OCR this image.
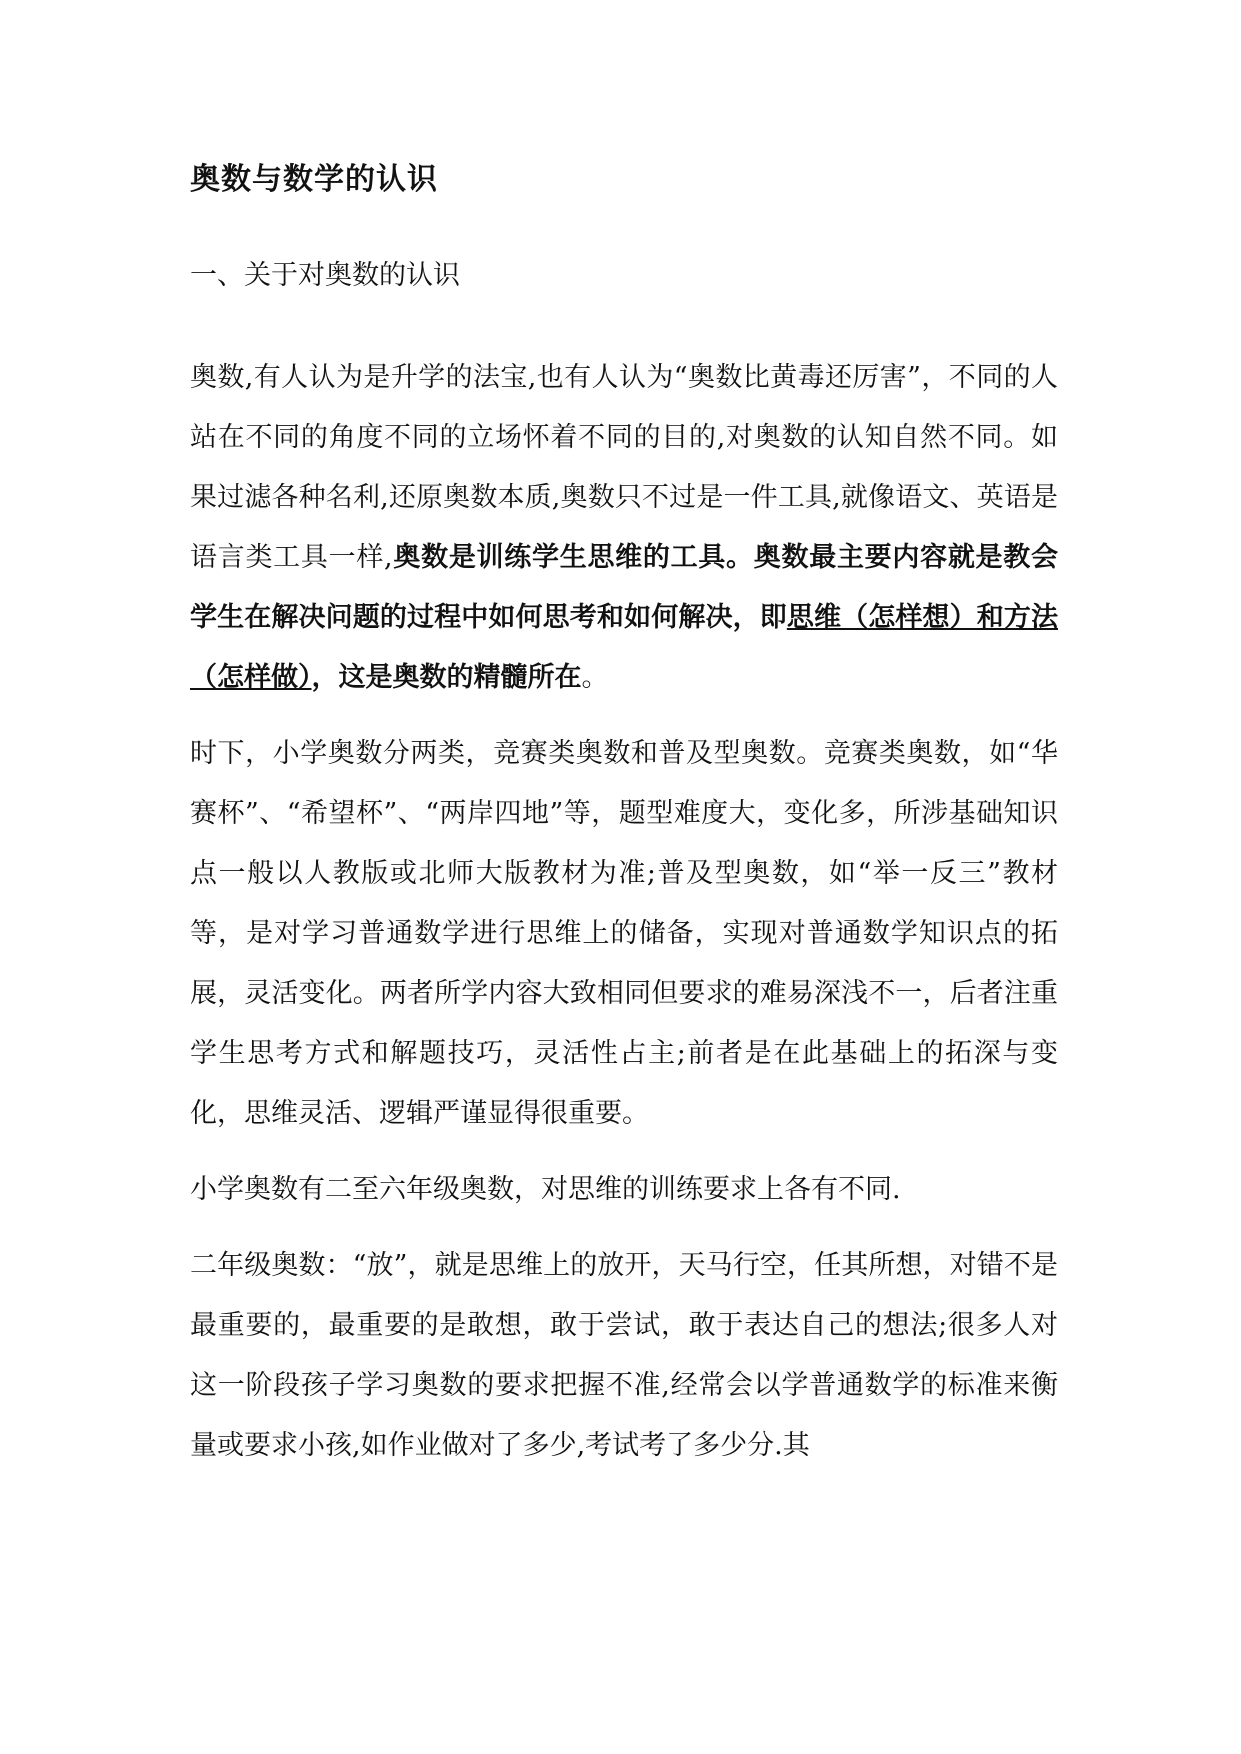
奥数与数学的认识
一、关于对奥数的认识
奥数,有人认为是升学的法宝,也有人认为“奥数比黄毒还厉害”，不同的人站在不同的角度不同的立场怀着不同的目的,对奥数的认知自然不同。如果过滤各种名利,还原奥数本质,奥数只不过是一件工具,就像语文、英语是语言类工具一样,奥数是训练学生思维的工具。奥数最主要内容就是教会学生在解决问题的过程中如何思考和如何解决，即思维（怎样想）和方法（怎样做），这是奥数的精髓所在。
时下，小学奥数分两类，竞赛类奥数和普及型奥数。竞赛类奥数，如“华赛杯”、“希望杯”、“两岸四地”等，题型难度大，变化多，所涉基础知识点一般以人教版或北师大版教材为准;普及型奥数，如“举一反三”教材等，是对学习普通数学进行思维上的储备，实现对普通数学知识点的拓展，灵活变化。两者所学内容大致相同但要求的难易深浅不一，后者注重学生思考方式和解题技巧，灵活性占主;前者是在此基础上的拓深与变化，思维灵活、逻辑严谨显得很重要。
小学奥数有二至六年级奥数，对思维的训练要求上各有不同.
二年级奥数：“放”，就是思维上的放开，天马行空，任其所想，对错不是最重要的，最重要的是敢想，敢于尝试，敢于表达自己的想法;很多人对这一阶段孩子学习奥数的要求把握不准,经常会以学普通数学的标准来衡量或要求小孩,如作业做对了多少,考试考了多少分.其
